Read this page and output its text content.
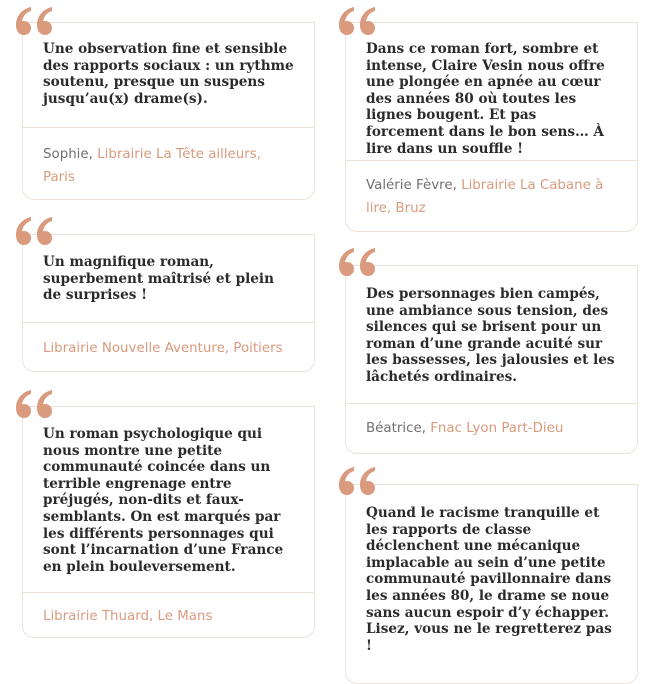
Une observation fine et sensible des rapports sociaux : un rythme soutenu, presque un suspens jusqu’au(x) drame(s).

Sophie, Librairie La Tête ailleurs, Paris

Dans ce roman fort, sombre et intense, Claire Vesin nous offre une plongée en apnée au cœur des années 80 où toutes les lignes bougent. Et pas forcement dans le bon sens… À lire dans un souffle !

Valérie Fèvre, Librairie La Cabane à lire, Bruz

Un magnifique roman, superbement maîtrisé et plein de surprises !

Librairie Nouvelle Aventure, Poitiers

Des personnages bien campés, une ambiance sous tension, des silences qui se brisent pour un roman d’une grande acuité sur les bassesses, les jalousies et les lâchetés ordinaires.

Béatrice, Fnac Lyon Part-Dieu

Un roman psychologique qui nous montre une petite communauté coincée dans un terrible engrenage entre préjugés, non-dits et faux-semblants. On est marqués par les différents personnages qui sont l’incarnation d’une France en plein bouleversement.

Librairie Thuard, Le Mans

Quand le racisme tranquille et les rapports de classe déclenchent une mécanique implacable au sein d’une petite communauté pavillonnaire dans les années 80, le drame se noue sans aucun espoir d’y échapper. Lisez, vous ne le regretterez pas !
